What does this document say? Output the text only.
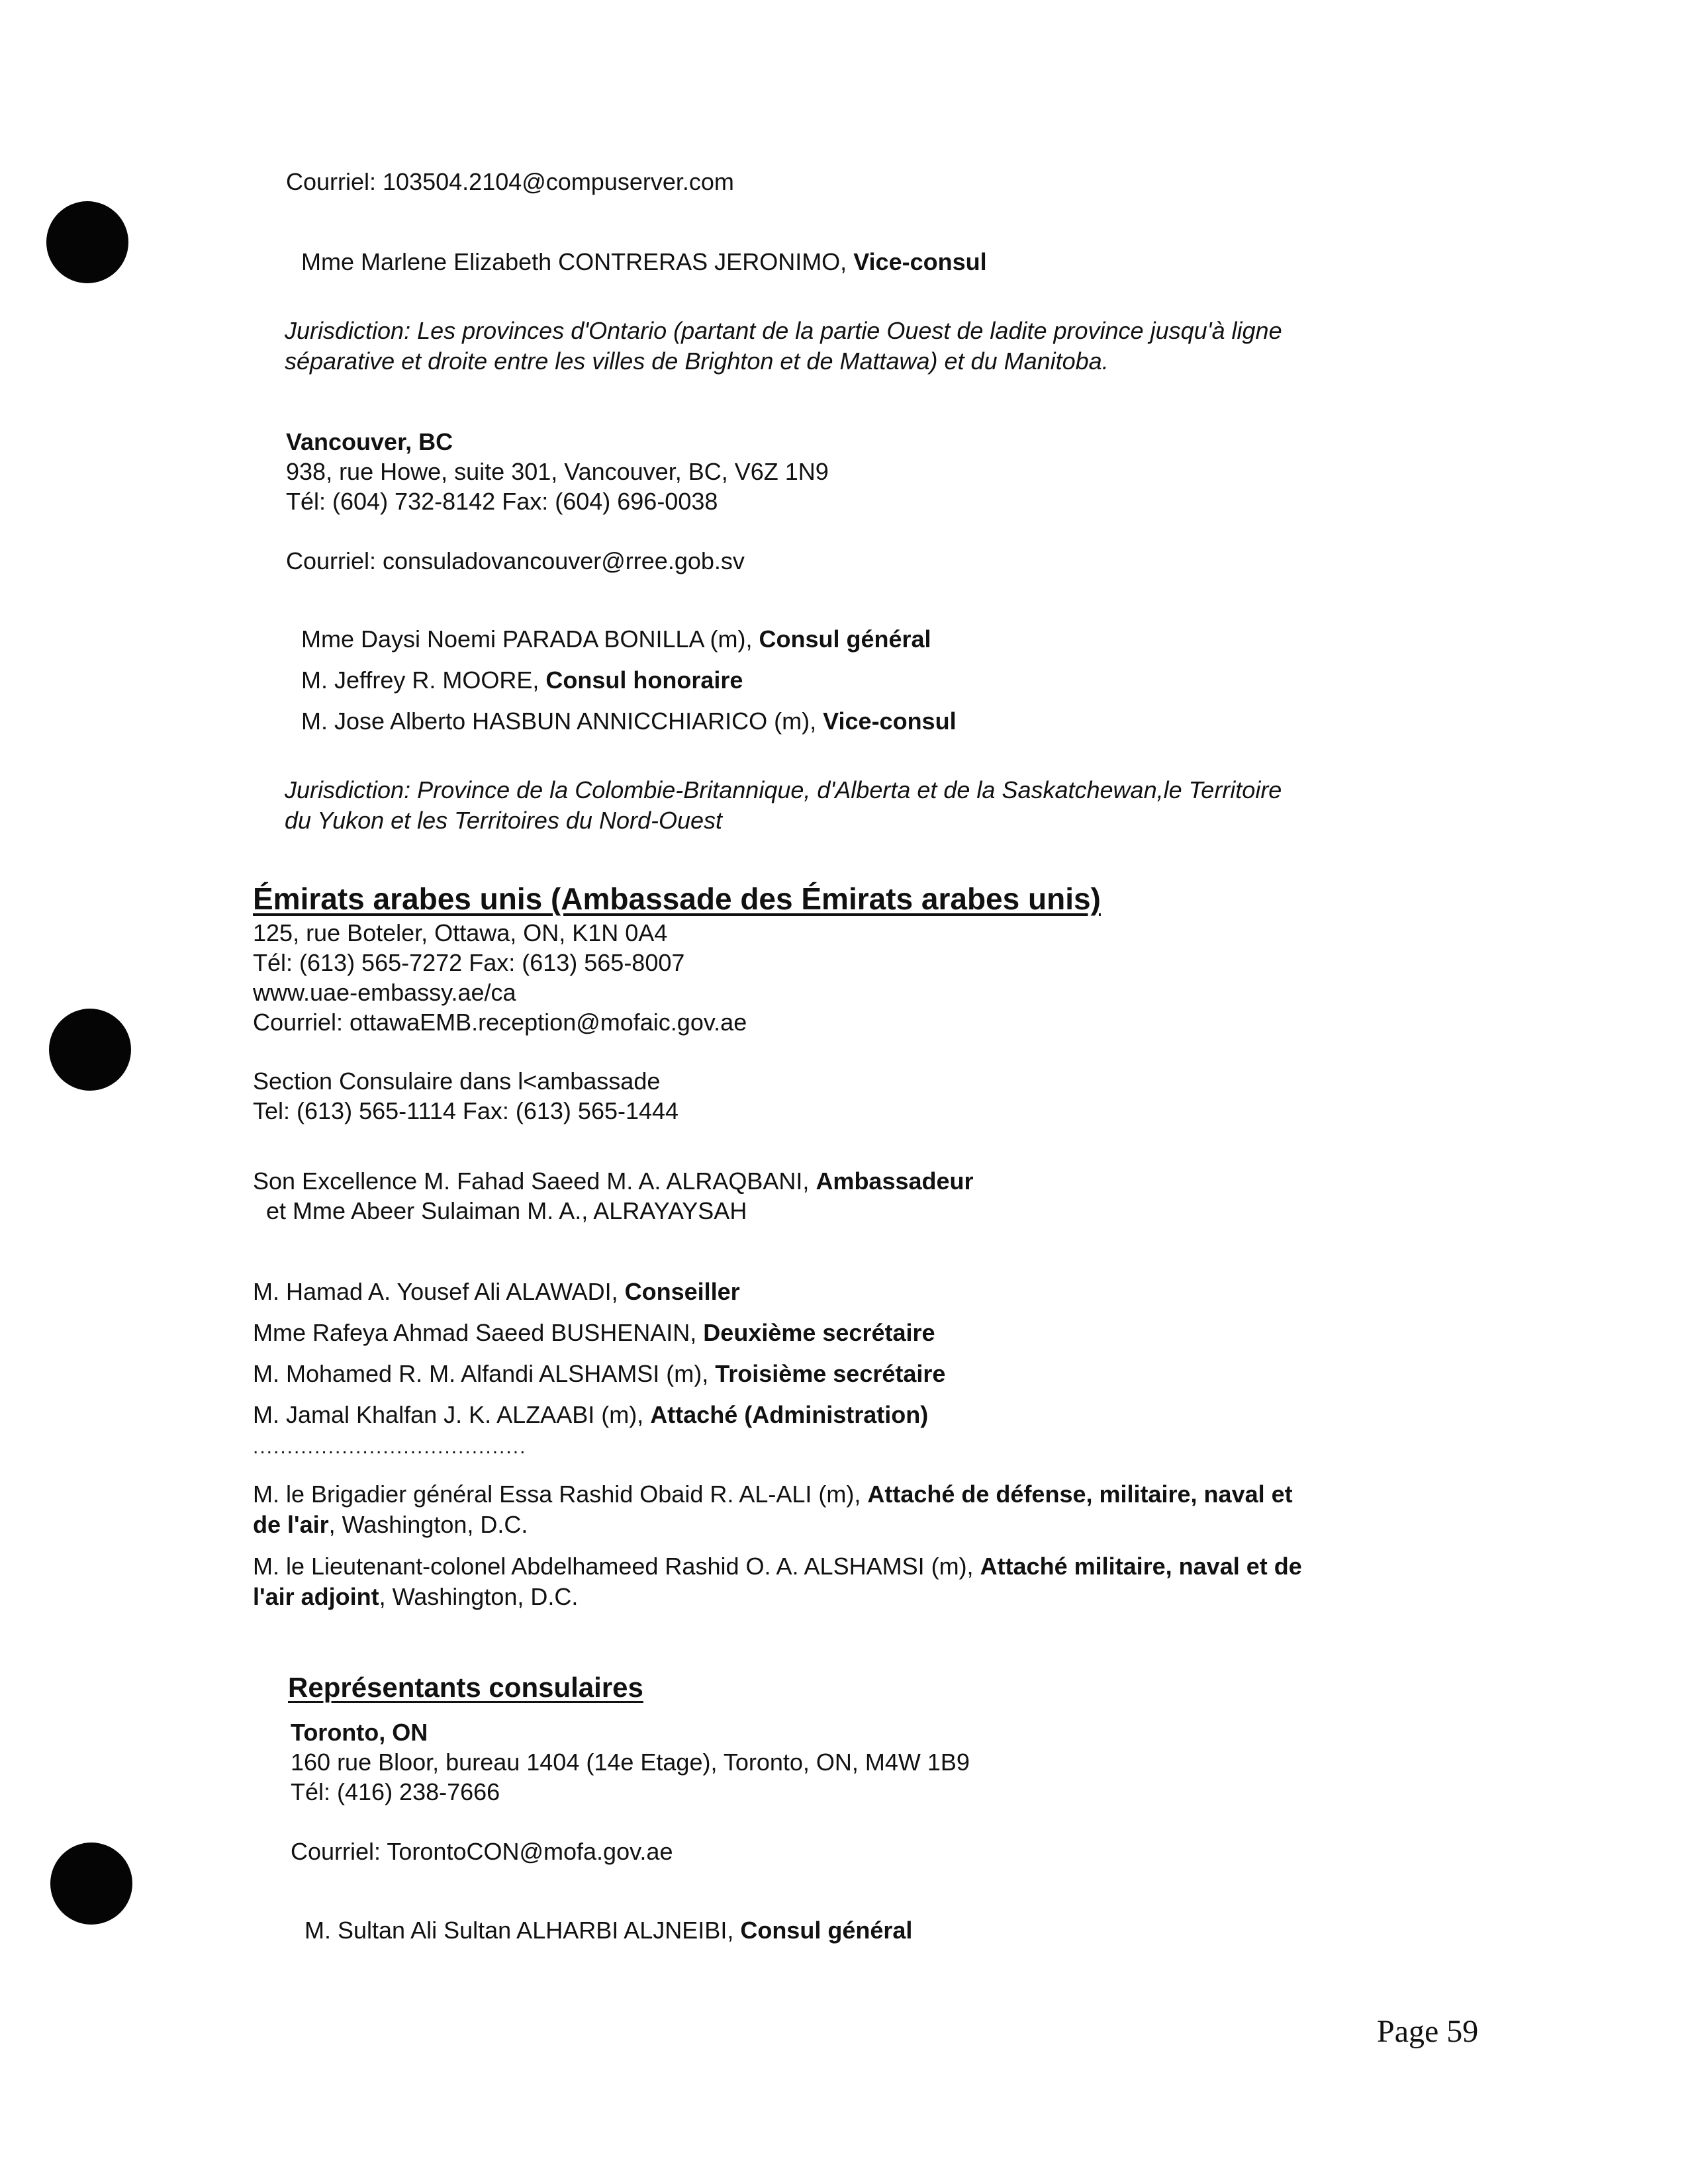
Courriel: 103504.2104@compuserver.com
Mme Marlene Elizabeth CONTRERAS JERONIMO, Vice-consul
Jurisdiction: Les provinces d'Ontario (partant de la partie Ouest de ladite province jusqu'à ligne
séparative et droite entre les villes de Brighton et de Mattawa) et du Manitoba.
Vancouver, BC
938, rue Howe, suite 301, Vancouver, BC, V6Z 1N9
Tél: (604) 732-8142 Fax: (604) 696-0038
Courriel: consuladovancouver@rree.gob.sv
Mme Daysi Noemi PARADA BONILLA (m), Consul général
M. Jeffrey R. MOORE, Consul honoraire
M. Jose Alberto HASBUN ANNICCHIARICO (m), Vice-consul
Jurisdiction: Province de la Colombie-Britannique, d'Alberta et de la Saskatchewan,le Territoire
du Yukon et les Territoires du Nord-Ouest
Émirats arabes unis (Ambassade des Émirats arabes unis)
125, rue Boteler, Ottawa, ON, K1N 0A4
Tél: (613) 565-7272 Fax: (613) 565-8007
www.uae-embassy.ae/ca
Courriel: ottawaEMB.reception@mofaic.gov.ae
Section Consulaire dans l<ambassade
Tel: (613) 565-1114 Fax: (613) 565-1444
Son Excellence M. Fahad Saeed M. A. ALRAQBANI, Ambassadeur
et Mme Abeer Sulaiman M. A., ALRAYAYSAH
M. Hamad A. Yousef Ali ALAWADI, Conseiller
Mme Rafeya Ahmad Saeed BUSHENAIN, Deuxième secrétaire
M. Mohamed R. M. Alfandi ALSHAMSI (m), Troisième secrétaire
M. Jamal Khalfan J. K. ALZAABI (m), Attaché (Administration)
........................................
M. le Brigadier général Essa Rashid Obaid R. AL-ALI (m), Attaché de défense, militaire, naval et
de l'air, Washington, D.C.
M. le Lieutenant-colonel Abdelhameed Rashid O. A. ALSHAMSI (m), Attaché militaire, naval et de
l'air adjoint, Washington, D.C.
Représentants consulaires
Toronto, ON
160 rue Bloor, bureau 1404 (14e Etage), Toronto, ON, M4W 1B9
Tél: (416) 238-7666
Courriel: TorontoCON@mofa.gov.ae
M. Sultan Ali Sultan ALHARBI ALJNEIBI, Consul général
Page 59
